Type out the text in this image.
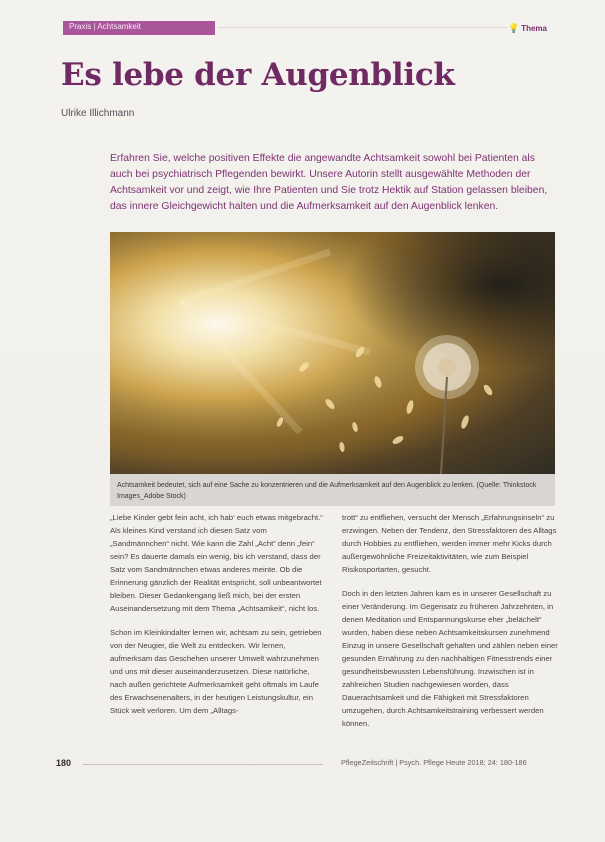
Praxis | Achtsamkeit	💡 Thema
Es lebe der Augenblick
Ulrike Illichmann
Erfahren Sie, welche positiven Effekte die angewandte Achtsamkeit sowohl bei Patienten als auch bei psychiatrisch Pflegenden bewirkt. Unsere Autorin stellt ausgewählte Methoden der Achtsamkeit vor und zeigt, wie Ihre Patienten und Sie trotz Hektik auf Station gelassen bleiben, das innere Gleichgewicht halten und die Aufmerksamkeit auf den Augenblick lenken.
Achtsamkeit bedeutet, sich auf eine Sache zu konzentrieren und die Aufmerksamkeit auf den Augenblick zu lenken. (Quelle: Thinkstock Images_Adobe Stock)

„Liebe Kinder gebt fein acht, ich hab‘ euch etwas mitgebracht.“ Als kleines Kind verstand ich diesen Satz vom „Sandmännchen“ nicht. Wie kann die Zahl „Acht“ denn „fein“ sein? Es dauerte damals ein wenig, bis ich verstand, dass der Satz vom Sandmännchen etwas anderes meinte. Ob die Erinnerung gänzlich der Realität entspricht, soll unbeantwortet bleiben. Dieser Gedankengang ließ mich, bei der ersten Auseinandersetzung mit dem Thema „Achtsamkeit“, nicht los.

Schon im Kleinkindalter lernen wir, achtsam zu sein, getrieben von der Neugier, die Welt zu entdecken. Wir lernen, aufmerksam das Geschehen unserer Umwelt wahrzunehmen und uns mit dieser auseinanderzusetzen. Diese natürliche, nach außen gerichtete Aufmerksamkeit geht oftmals im Laufe des Erwachsenenalters, in der heutigen Leistungskultur, ein Stück weit verloren. Um dem „Alltags-

trott“ zu entfliehen, versucht der Mensch „Erfahrungsinseln“ zu erzwingen. Neben der Tendenz, den Stressfaktoren des Alltags durch Hobbies zu entfliehen, werden immer mehr Kicks durch außergewöhnliche Freizeitaktivitäten, wie zum Beispiel Risikosportarten, gesucht.

Doch in den letzten Jahren kam es in unserer Gesellschaft zu einer Veränderung. Im Gegensatz zu früheren Jahrzehnten, in denen Meditation und Entspannungskurse eher „belächelt“ wurden, haben diese neben Achtsamkeitskursen zunehmend Einzug in unsere Gesellschaft gehalten und zählen neben einer gesunden Ernährung zu den nachhaltigen Fitnesstrends einer gesundheitsbewussten Lebensführung. Inzwischen ist in zahlreichen Studien nachgewiesen worden, dass Dauerachtsamkeit und die Fähigkeit mit Stressfaktoren umzugehen, durch Achtsamkeitstraining verbessert werden können.

180	PflegeZeitschrift | Psych. Pflege Heute 2018; 24: 180-186
